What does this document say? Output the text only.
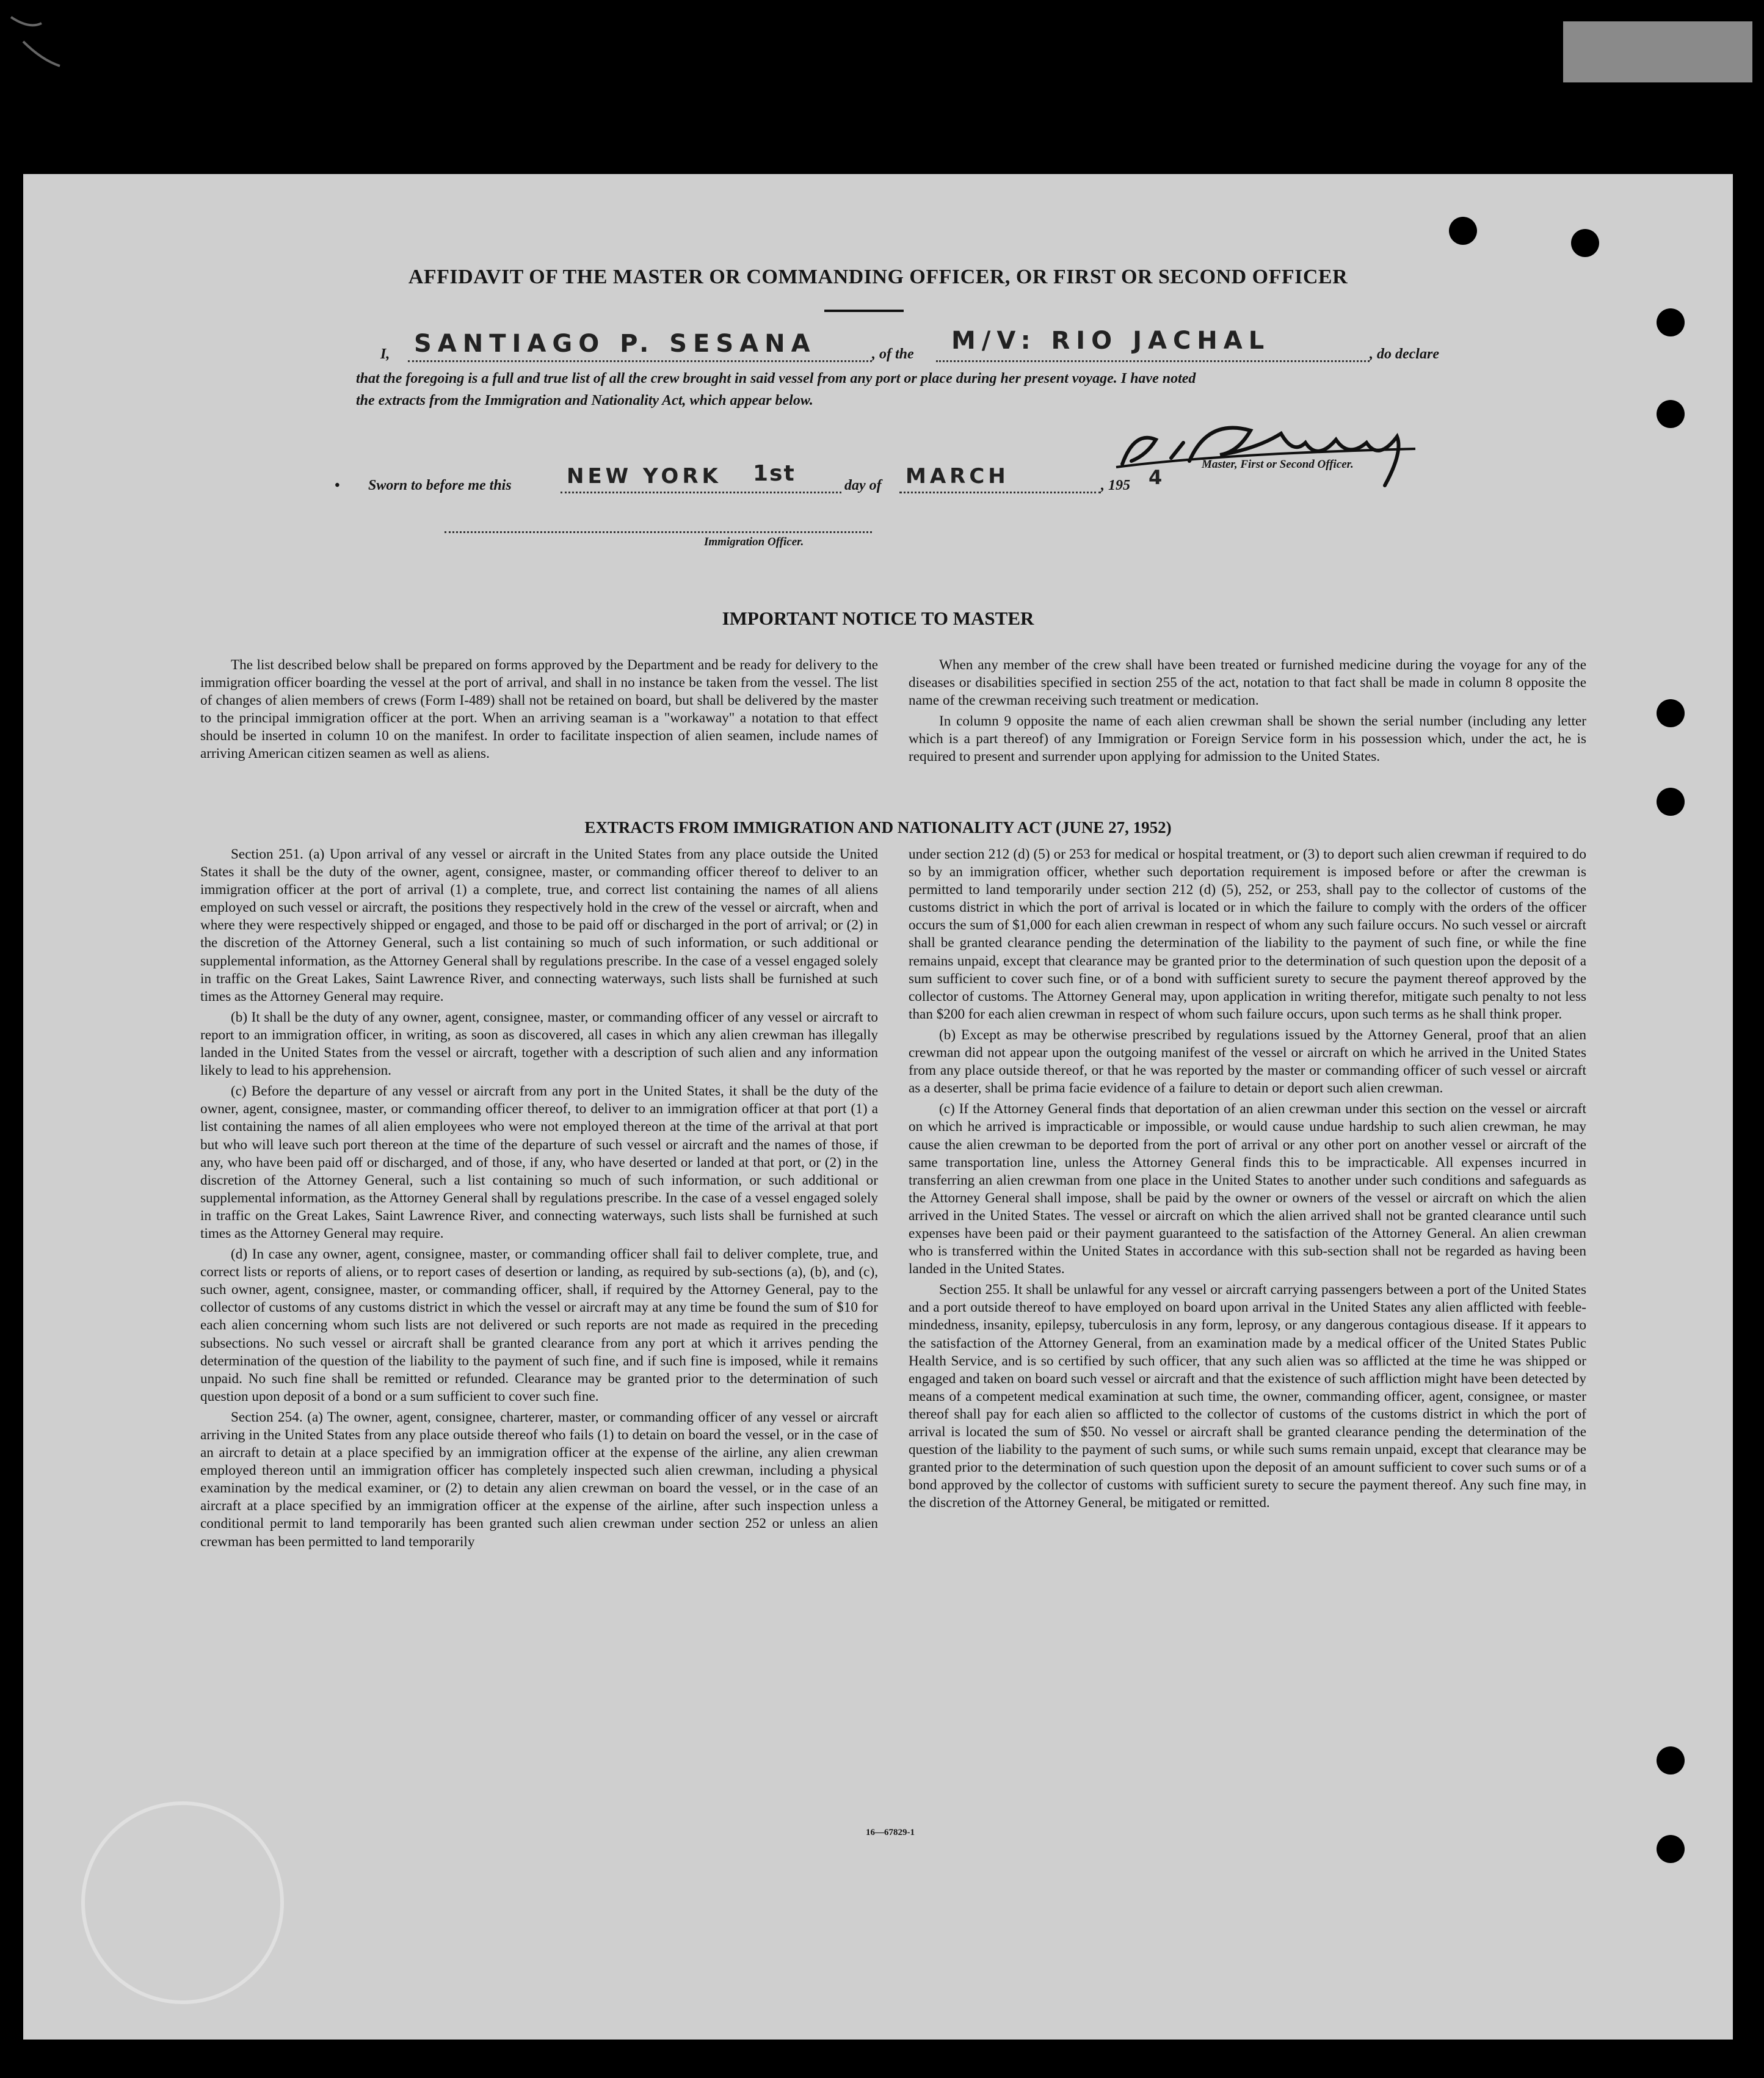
AFFIDAVIT OF THE MASTER OR COMMANDING OFFICER, OR FIRST OR SECOND OFFICER
I, SANTIAGO P. SESANA	, of the M/V: RIO JACHAL	, do declare
that the foregoing is a full and true list of all the crew brought in said vessel from any port or place during her present voyage. I have noted
the extracts from the Immigration and Nationality Act, which appear below.
Master, First or Second Officer.
• Sworn to before me this	NEW YORK 1st	day of MARCH	, 195 4
Immigration Officer.
IMPORTANT NOTICE TO MASTER

The list described below shall be prepared on forms approved by the Department and be ready for delivery to the immigration officer boarding the vessel at the port of arrival, and shall in no instance be taken from the vessel. The list of changes of alien members of crews (Form I-489) shall not be retained on board, but shall be delivered by the master to the principal immigration officer at the port. When an arriving seaman is a "workaway" a notation to that effect should be inserted in column 10 on the manifest. In order to facilitate inspection of alien seamen, include names of arriving American citizen seamen as well as aliens.

When any member of the crew shall have been treated or furnished medicine during the voyage for any of the diseases or disabilities specified in section 255 of the act, notation to that fact shall be made in column 8 opposite the name of the crewman receiving such treatment or medication.

In column 9 opposite the name of each alien crewman shall be shown the serial number (including any letter which is a part thereof) of any Immigration or Foreign Service form in his possession which, under the act, he is required to present and surrender upon applying for admission to the United States.

EXTRACTS FROM IMMIGRATION AND NATIONALITY ACT (JUNE 27, 1952)

Section 251. (a) Upon arrival of any vessel or aircraft in the United States from any place outside the United States it shall be the duty of the owner, agent, consignee, master, or commanding officer thereof to deliver to an immigration officer at the port of arrival (1) a complete, true, and correct list containing the names of all aliens employed on such vessel or aircraft, the positions they respectively hold in the crew of the vessel or aircraft, when and where they were respectively shipped or engaged, and those to be paid off or discharged in the port of arrival; or (2) in the discretion of the Attorney General, such a list containing so much of such information, or such additional or supplemental information, as the Attorney General shall by regulations prescribe. In the case of a vessel engaged solely in traffic on the Great Lakes, Saint Lawrence River, and connecting waterways, such lists shall be furnished at such times as the Attorney General may require.

(b) It shall be the duty of any owner, agent, consignee, master, or commanding officer of any vessel or aircraft to report to an immigration officer, in writing, as soon as discovered, all cases in which any alien crewman has illegally landed in the United States from the vessel or aircraft, together with a description of such alien and any information likely to lead to his apprehension.

(c) Before the departure of any vessel or aircraft from any port in the United States, it shall be the duty of the owner, agent, consignee, master, or commanding officer thereof, to deliver to an immigration officer at that port (1) a list containing the names of all alien employees who were not employed thereon at the time of the arrival at that port but who will leave such port thereon at the time of the departure of such vessel or aircraft and the names of those, if any, who have been paid off or discharged, and of those, if any, who have deserted or landed at that port, or (2) in the discretion of the Attorney General, such a list containing so much of such information, or such additional or supplemental information, as the Attorney General shall by regulations prescribe. In the case of a vessel engaged solely in traffic on the Great Lakes, Saint Lawrence River, and connecting waterways, such lists shall be furnished at such times as the Attorney General may require.

(d) In case any owner, agent, consignee, master, or commanding officer shall fail to deliver complete, true, and correct lists or reports of aliens, or to report cases of desertion or landing, as required by sub-sections (a), (b), and (c), such owner, agent, consignee, master, or commanding officer, shall, if required by the Attorney General, pay to the collector of customs of any customs district in which the vessel or aircraft may at any time be found the sum of $10 for each alien concerning whom such lists are not delivered or such reports are not made as required in the preceding subsections. No such vessel or aircraft shall be granted clearance from any port at which it arrives pending the determination of the question of the liability to the payment of such fine, and if such fine is imposed, while it remains unpaid. No such fine shall be remitted or refunded. Clearance may be granted prior to the determination of such question upon deposit of a bond or a sum sufficient to cover such fine.

Section 254. (a) The owner, agent, consignee, charterer, master, or commanding officer of any vessel or aircraft arriving in the United States from any place outside thereof who fails (1) to detain on board the vessel, or in the case of an aircraft to detain at a place specified by an immigration officer at the expense of the airline, any alien crewman employed thereon until an immigration officer has completely inspected such alien crewman, including a physical examination by the medical examiner, or (2) to detain any alien crewman on board the vessel, or in the case of an aircraft at a place specified by an immigration officer at the expense of the airline, after such inspection unless a conditional permit to land temporarily has been granted such alien crewman under section 252 or unless an alien crewman has been permitted to land temporarily

under section 212 (d) (5) or 253 for medical or hospital treatment, or (3) to deport such alien crewman if required to do so by an immigration officer, whether such deportation requirement is imposed before or after the crewman is permitted to land temporarily under section 212 (d) (5), 252, or 253, shall pay to the collector of customs of the customs district in which the port of arrival is located or in which the failure to comply with the orders of the officer occurs the sum of $1,000 for each alien crewman in respect of whom any such failure occurs. No such vessel or aircraft shall be granted clearance pending the determination of the liability to the payment of such fine, or while the fine remains unpaid, except that clearance may be granted prior to the determination of such question upon the deposit of a sum sufficient to cover such fine, or of a bond with sufficient surety to secure the payment thereof approved by the collector of customs. The Attorney General may, upon application in writing therefor, mitigate such penalty to not less than $200 for each alien crewman in respect of whom such failure occurs, upon such terms as he shall think proper.

(b) Except as may be otherwise prescribed by regulations issued by the Attorney General, proof that an alien crewman did not appear upon the outgoing manifest of the vessel or aircraft on which he arrived in the United States from any place outside thereof, or that he was reported by the master or commanding officer of such vessel or aircraft as a deserter, shall be prima facie evidence of a failure to detain or deport such alien crewman.

(c) If the Attorney General finds that deportation of an alien crewman under this section on the vessel or aircraft on which he arrived is impracticable or impossible, or would cause undue hardship to such alien crewman, he may cause the alien crewman to be deported from the port of arrival or any other port on another vessel or aircraft of the same transportation line, unless the Attorney General finds this to be impracticable. All expenses incurred in transferring an alien crewman from one place in the United States to another under such conditions and safeguards as the Attorney General shall impose, shall be paid by the owner or owners of the vessel or aircraft on which the alien arrived in the United States. The vessel or aircraft on which the alien arrived shall not be granted clearance until such expenses have been paid or their payment guaranteed to the satisfaction of the Attorney General. An alien crewman who is transferred within the United States in accordance with this sub-section shall not be regarded as having been landed in the United States.

Section 255. It shall be unlawful for any vessel or aircraft carrying passengers between a port of the United States and a port outside thereof to have employed on board upon arrival in the United States any alien afflicted with feeble-mindedness, insanity, epilepsy, tuberculosis in any form, leprosy, or any dangerous contagious disease. If it appears to the satisfaction of the Attorney General, from an examination made by a medical officer of the United States Public Health Service, and is so certified by such officer, that any such alien was so afflicted at the time he was shipped or engaged and taken on board such vessel or aircraft and that the existence of such affliction might have been detected by means of a competent medical examination at such time, the owner, commanding officer, agent, consignee, or master thereof shall pay for each alien so afflicted to the collector of customs of the customs district in which the port of arrival is located the sum of $50. No vessel or aircraft shall be granted clearance pending the determination of the question of the liability to the payment of such sums, or while such sums remain unpaid, except that clearance may be granted prior to the determination of such question upon the deposit of an amount sufficient to cover such sums or of a bond approved by the collector of customs with sufficient surety to secure the payment thereof. Any such fine may, in the discretion of the Attorney General, be mitigated or remitted.

16—67829-1
